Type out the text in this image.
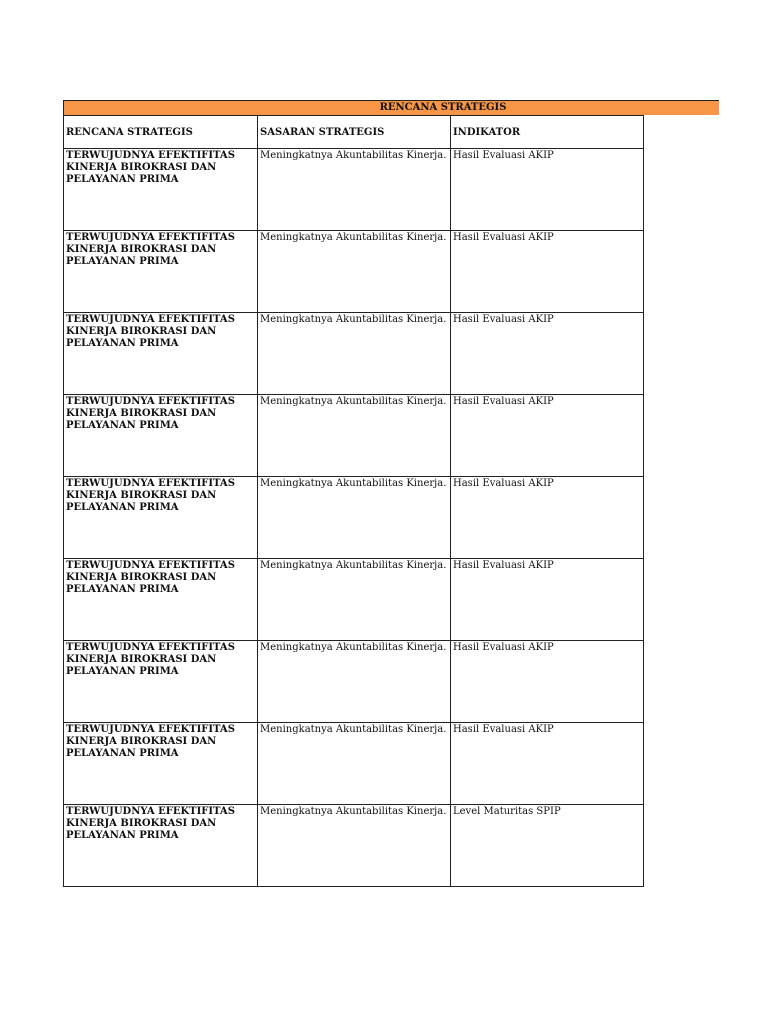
RENCANA STRATEGIS
RENCANA STRATEGIS	SASARAN STRATEGIS	INDIKATOR
TERWUJUDNYA EFEKTIFITAS KINERJA BIROKRASI DAN PELAYANAN PRIMA	Meningkatnya Akuntabilitas Kinerja.	Hasil Evaluasi AKIP
TERWUJUDNYA EFEKTIFITAS KINERJA BIROKRASI DAN PELAYANAN PRIMA	Meningkatnya Akuntabilitas Kinerja.	Hasil Evaluasi AKIP
TERWUJUDNYA EFEKTIFITAS KINERJA BIROKRASI DAN PELAYANAN PRIMA	Meningkatnya Akuntabilitas Kinerja.	Hasil Evaluasi AKIP
TERWUJUDNYA EFEKTIFITAS KINERJA BIROKRASI DAN PELAYANAN PRIMA	Meningkatnya Akuntabilitas Kinerja.	Hasil Evaluasi AKIP
TERWUJUDNYA EFEKTIFITAS KINERJA BIROKRASI DAN PELAYANAN PRIMA	Meningkatnya Akuntabilitas Kinerja.	Hasil Evaluasi AKIP
TERWUJUDNYA EFEKTIFITAS KINERJA BIROKRASI DAN PELAYANAN PRIMA	Meningkatnya Akuntabilitas Kinerja.	Hasil Evaluasi AKIP
TERWUJUDNYA EFEKTIFITAS KINERJA BIROKRASI DAN PELAYANAN PRIMA	Meningkatnya Akuntabilitas Kinerja.	Hasil Evaluasi AKIP
TERWUJUDNYA EFEKTIFITAS KINERJA BIROKRASI DAN PELAYANAN PRIMA	Meningkatnya Akuntabilitas Kinerja.	Hasil Evaluasi AKIP
TERWUJUDNYA EFEKTIFITAS KINERJA BIROKRASI DAN PELAYANAN PRIMA	Meningkatnya Akuntabilitas Kinerja.	Level Maturitas SPIP
